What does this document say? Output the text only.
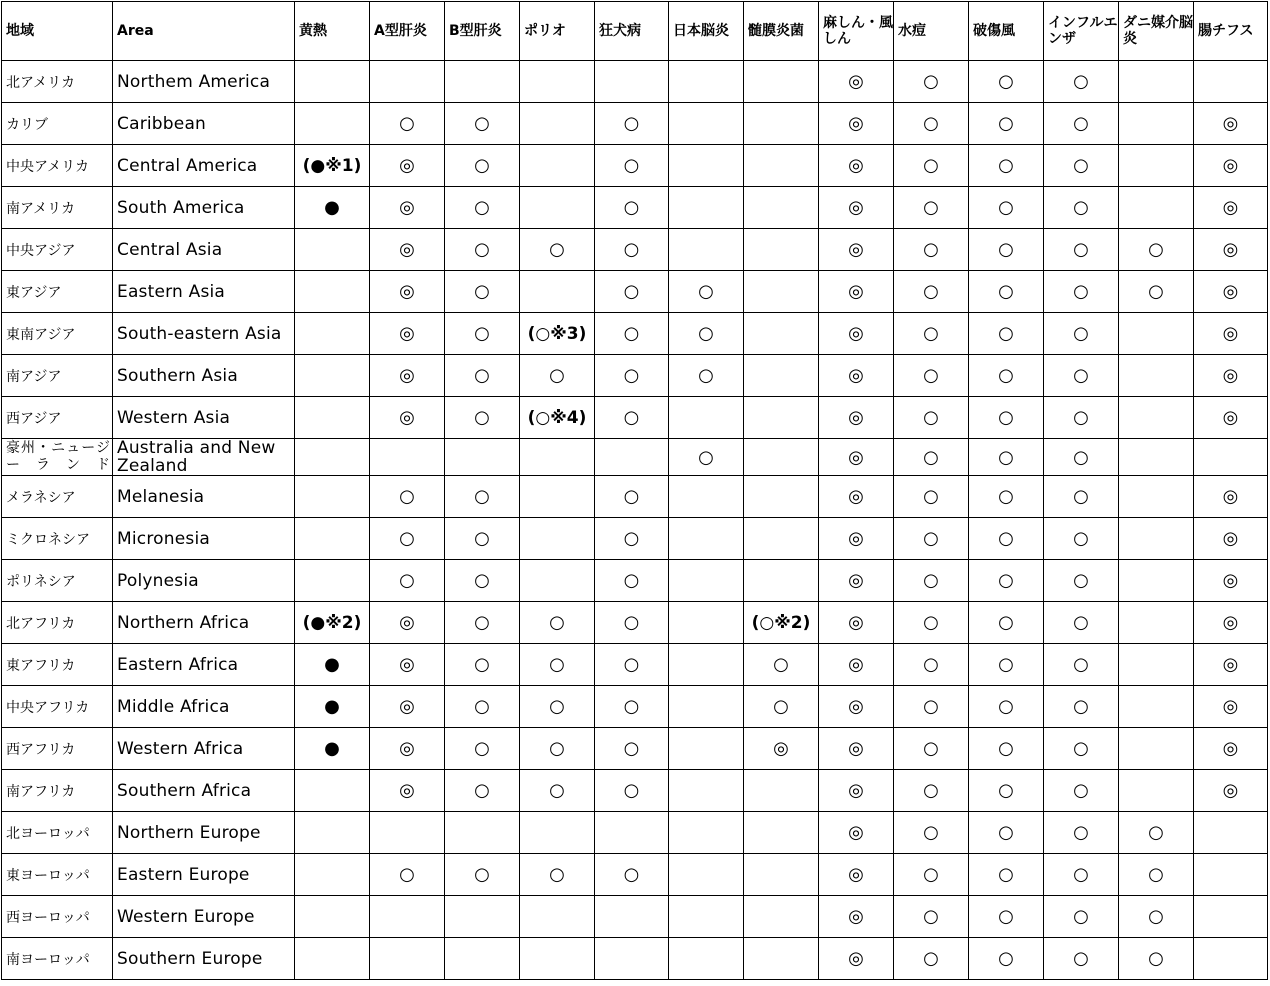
地域	Area	黄熱	A型肝炎	B型肝炎	ポリオ	狂犬病	日本脳炎	髄膜炎菌	麻しん・風しん	水痘	破傷風	インフルエンザ	ダニ媒介脳炎	腸チフス
北アメリカ	Northem America								◎	○	○	○		
カリブ	Caribbean		○	○		○			◎	○	○	○		◎
中央アメリカ	Central America	(●※1)	◎	○		○			◎	○	○	○		◎
南アメリカ	South America	●	◎	○		○			◎	○	○	○		◎
中央アジア	Central Asia		◎	○	○	○			◎	○	○	○	○	◎
東アジア	Eastern Asia		◎	○		○	○		◎	○	○	○	○	◎
東南アジア	South-eastern Asia		◎	○	(○※3)	○	○		◎	○	○	○		◎
南アジア	Southern Asia		◎	○	○	○	○		◎	○	○	○		◎
西アジア	Western Asia		◎	○	(○※4)	○			◎	○	○	○		◎
豪州・ニュージーランド	Australia and New Zealand						○		◎	○	○	○		
メラネシア	Melanesia		○	○		○			◎	○	○	○		◎
ミクロネシア	Micronesia		○	○		○			◎	○	○	○		◎
ポリネシア	Polynesia		○	○		○			◎	○	○	○		◎
北アフリカ	Northern Africa	(●※2)	◎	○	○	○		(○※2)	◎	○	○	○		◎
東アフリカ	Eastern Africa	●	◎	○	○	○		○	◎	○	○	○		◎
中央アフリカ	Middle Africa	●	◎	○	○	○		○	◎	○	○	○		◎
西アフリカ	Western Africa	●	◎	○	○	○		◎	◎	○	○	○		◎
南アフリカ	Southern Africa		◎	○	○	○			◎	○	○	○		◎
北ヨーロッパ	Northern Europe								◎	○	○	○	○	
東ヨーロッパ	Eastern Europe		○	○	○	○			◎	○	○	○	○	
西ヨーロッパ	Western Europe								◎	○	○	○	○	
南ヨーロッパ	Southern Europe								◎	○	○	○	○	
